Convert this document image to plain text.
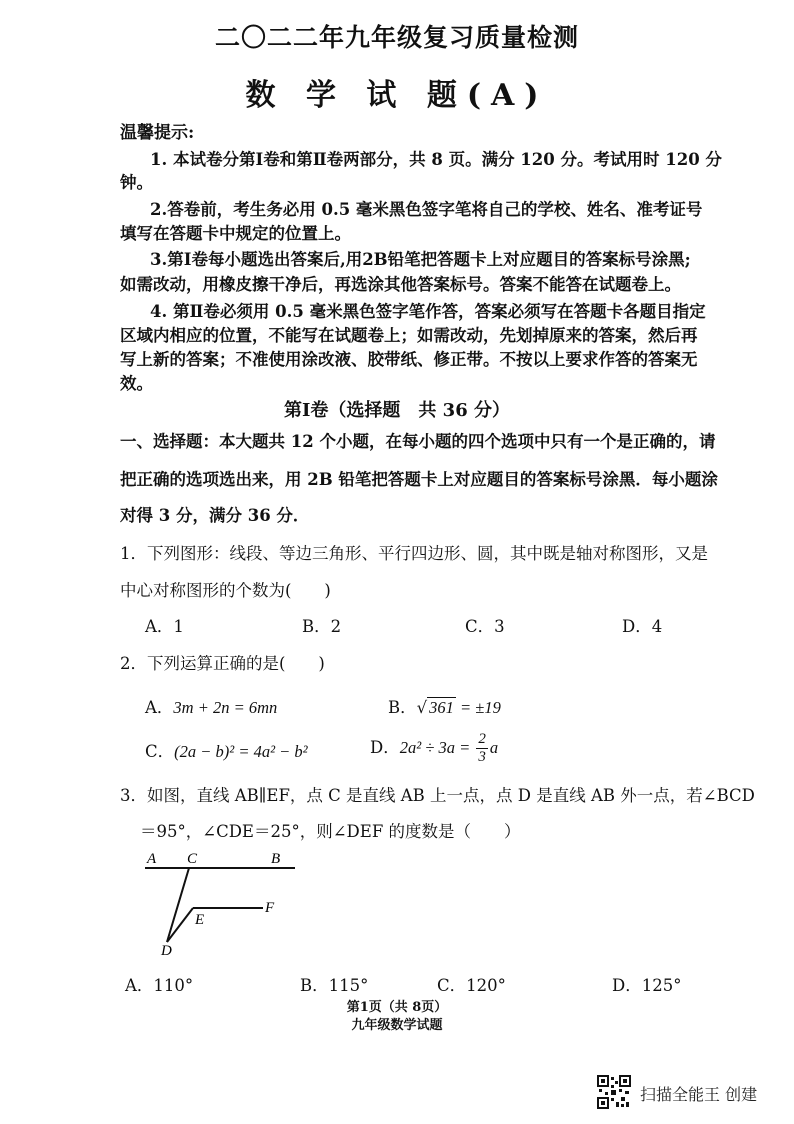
二〇二二年九年级复习质量检测
数 学 试 题(A)
温馨提示:
1. 本试卷分第Ⅰ卷和第Ⅱ卷两部分，共 8 页。满分 120 分。考试用时 120 分
钟。
2.答卷前，考生务必用 0.5 毫米黑色签字笔将自己的学校、姓名、准考证号
填写在答题卡中规定的位置上。
3.第Ⅰ卷每小题选出答案后,用2B铅笔把答题卡上对应题目的答案标号涂黑;
如需改动，用橡皮擦干净后，再选涂其他答案标号。答案不能答在试题卷上。
4. 第Ⅱ卷必须用 0.5 毫米黑色签字笔作答，答案必须写在答题卡各题目指定
区域内相应的位置，不能写在试题卷上；如需改动，先划掉原来的答案，然后再
写上新的答案；不准使用涂改液、胶带纸、修正带。不按以上要求作答的答案无
效。
第Ⅰ卷（选择题　共 36 分）
一、选择题：本大题共 12 个小题，在每小题的四个选项中只有一个是正确的，请
把正确的选项选出来，用 2B 铅笔把答题卡上对应题目的答案标号涂黑．每小题涂
对得 3 分，满分 36 分．
1．下列图形：线段、等边三角形、平行四边形、圆，其中既是轴对称图形，又是
中心对称图形的个数为(　　)
A．1	B．2	C．3	D．4
2．下列运算正确的是(　　)
A．3m + 2n = 6mn	B．√ 361 = ±19
C．(2a − b)² = 4a² − b²	D．$2a^2 \div 3a = \frac{2}{3}$ a
3．如图，直线 AB∥EF，点 C 是直线 AB 上一点，点 D 是直线 AB 外一点，若∠BCD
＝95°，∠CDE＝25°，则∠DEF 的度数是（　　）
A C	B
E
F
D
A．110°	B．115°	C．120°	D．125°
第1页（共 8页）
九年级数学试题
扫描全能王 创建
